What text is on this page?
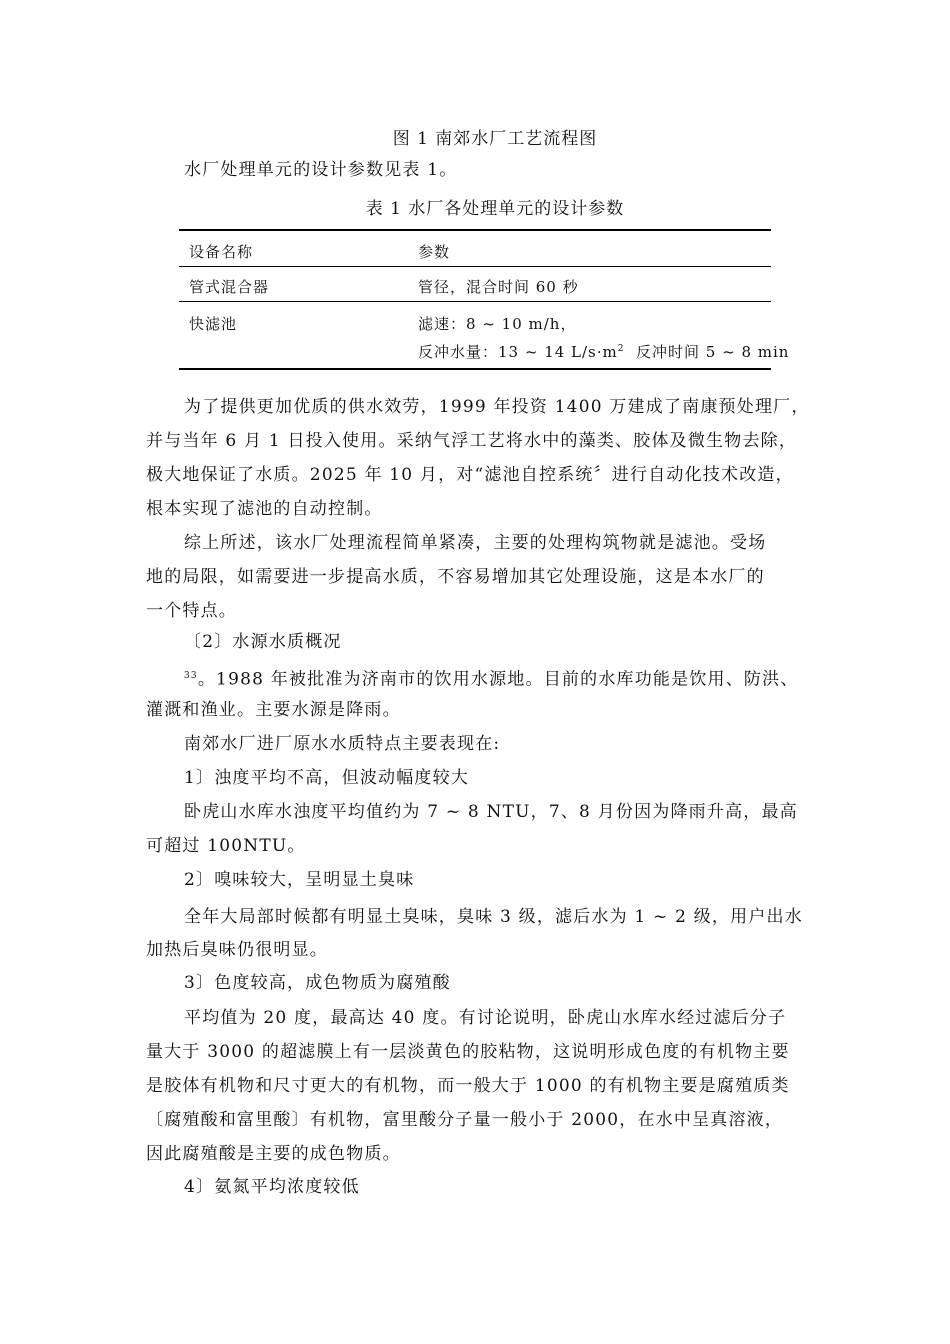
图 1 南郊水厂工艺流程图
水厂处理单元的设计参数见表 1。
表 1 水厂各处理单元的设计参数
设备名称	参数
管式混合器	管径，混合时间 60 秒
快滤池	滤速：8 ~ 10 m/h，
反冲水量：13 ~ 14 $L/s\cdot m^2$  反冲时间 5 ~ 8 min
为了提供更加优质的供水效劳，1999 年投资 1400 万建成了南康预处理厂，
并与当年 6 月 1 日投入使用。采纳气浮工艺将水中的藻类、胶体及微生物去除，
极大地保证了水质。2025 年 10 月，对“滤池自控系统〞进行自动化技术改造，
根本实现了滤池的自动控制。
综上所述，该水厂处理流程简单紧凑，主要的处理构筑物就是滤池。受场
地的局限，如需要进一步提高水质，不容易增加其它处理设施，这是本水厂的
一个特点。
〔2〕水源水质概况
$^{33}$。1988 年被批准为济南市的饮用水源地。目前的水库功能是饮用、防洪、
灌溉和渔业。主要水源是降雨。
南郊水厂进厂原水水质特点主要表现在:
1〕浊度平均不高，但波动幅度较大
卧虎山水库水浊度平均值约为 7 ~ 8 NTU，7、8 月份因为降雨升高，最高
可超过 100NTU。
2〕嗅味较大，呈明显土臭味
全年大局部时候都有明显土臭味，臭味 3 级，滤后水为 1 ~ 2 级，用户出水
加热后臭味仍很明显。
3〕色度较高，成色物质为腐殖酸
平均值为 20 度，最高达 40 度。有讨论说明，卧虎山水库水经过滤后分子
量大于 3000 的超滤膜上有一层淡黄色的胶粘物，这说明形成色度的有机物主要
是胶体有机物和尺寸更大的有机物，而一般大于 1000 的有机物主要是腐殖质类
〔腐殖酸和富里酸〕有机物，富里酸分子量一般小于 2000，在水中呈真溶液，
因此腐殖酸是主要的成色物质。
4〕氨氮平均浓度较低
